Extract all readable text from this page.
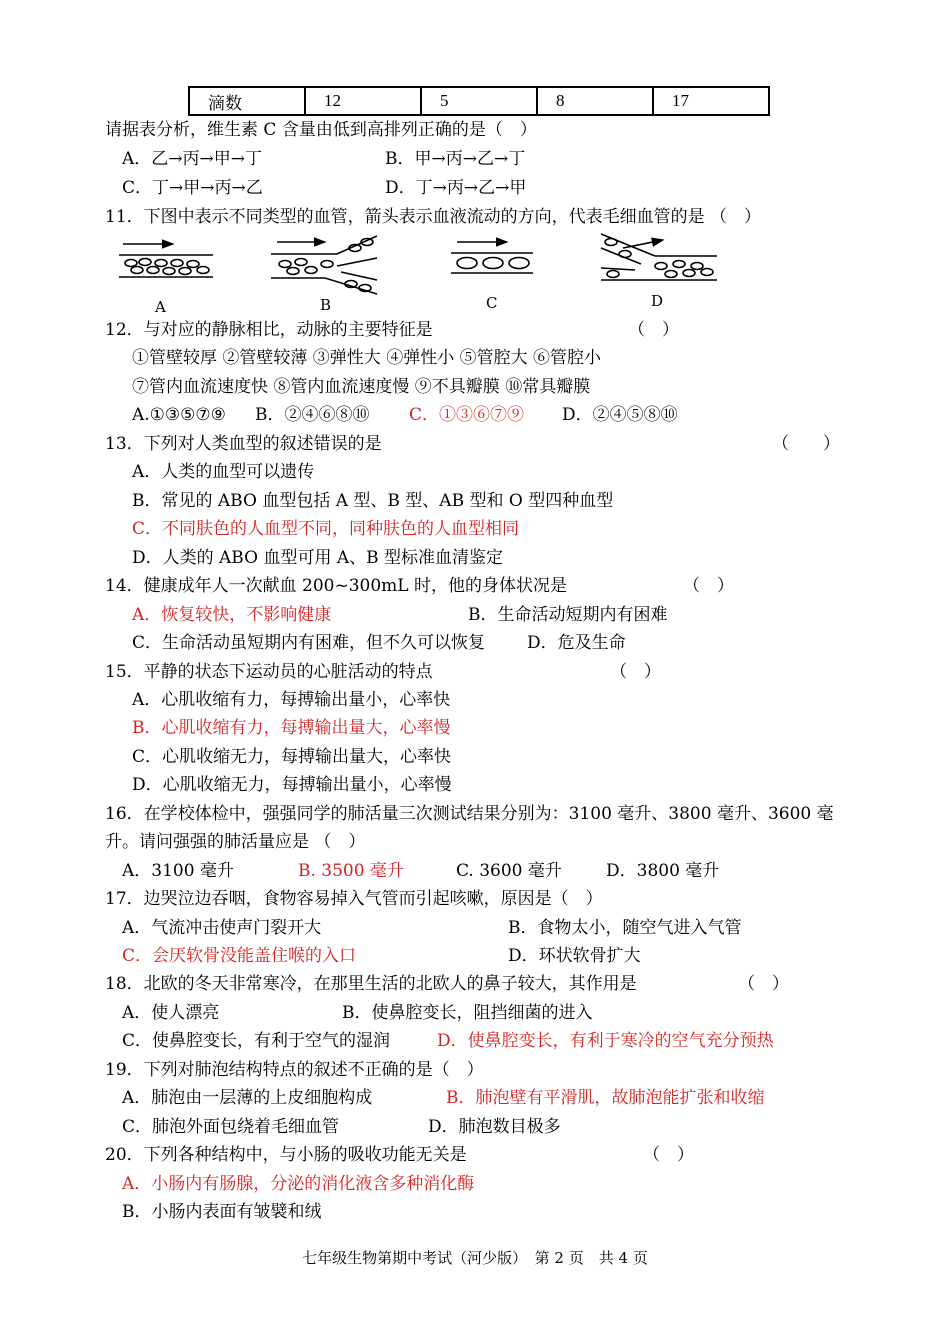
滴数	12	5	8	17
请据表分析，维生素 C 含量由低到高排列正确的是（　）
A．乙→丙→甲→丁	B．甲→丙→乙→丁
C．丁→甲→丙→乙	D．丁→丙→乙→甲
11．下图中表示不同类型的血管，箭头表示血液流动的方向，代表毛细血管的是 （　）
A	B	C	D
12．与对应的静脉相比，动脉的主要特征是	（　）
①管壁较厚 ②管壁较薄 ③弹性大 ④弹性小 ⑤管腔大 ⑥管腔小
⑦管内血流速度快 ⑧管内血流速度慢 ⑨不具瓣膜 ⑩常具瓣膜
A.①③⑤⑦⑨ B．②④⑥⑧⑩ C．①③⑥⑦⑨ D．②④⑤⑧⑩
13．下列对人类血型的叙述错误的是	（　　）
A．人类的血型可以遗传
B．常见的 ABO 血型包括 A 型、B 型、AB 型和 O 型四种血型
C．不同肤色的人血型不同，同种肤色的人血型相同
D．人类的 ABO 血型可用 A、B 型标准血清鉴定
14．健康成年人一次献血 200~300mL 时，他的身体状况是	（　）
A．恢复较快，不影响健康	B．生命活动短期内有困难
C．生命活动虽短期内有困难，但不久可以恢复 D．危及生命
15．平静的状态下运动员的心脏活动的特点	（　）
A．心肌收缩有力，每搏输出量小，心率快
B．心肌收缩有力，每搏输出量大，心率慢
C．心肌收缩无力，每搏输出量大，心率快
D．心肌收缩无力，每搏输出量小，心率慢
16．在学校体检中，强强同学的肺活量三次测试结果分别为：3100 毫升、3800 毫升、3600 毫
升。请问强强的肺活量应是 （　）
A．3100 毫升	B. 3500 毫升	C. 3600 毫升	D．3800 毫升
17．边哭泣边吞咽，食物容易掉入气管而引起咳嗽，原因是（　）
A．气流冲击使声门裂开大	B．食物太小，随空气进入气管
C．会厌软骨没能盖住喉的入口	D．环状软骨扩大
18．北欧的冬天非常寒冷，在那里生活的北欧人的鼻子较大，其作用是	（　）
A．使人漂亮	B．使鼻腔变长，阻挡细菌的进入
C．使鼻腔变长，有利于空气的湿润	D．使鼻腔变长，有利于寒冷的空气充分预热
19．下列对肺泡结构特点的叙述不正确的是（　）
A．肺泡由一层薄的上皮细胞构成	B．肺泡壁有平滑肌，故肺泡能扩张和收缩
C．肺泡外面包绕着毛细血管	D．肺泡数目极多
20．下列各种结构中，与小肠的吸收功能无关是	（　）
A．小肠内有肠腺，分泌的消化液含多种消化酶
B．小肠内表面有皱襞和绒
七年级生物第期中考试（河少版）　第 2 页　共 4 页
